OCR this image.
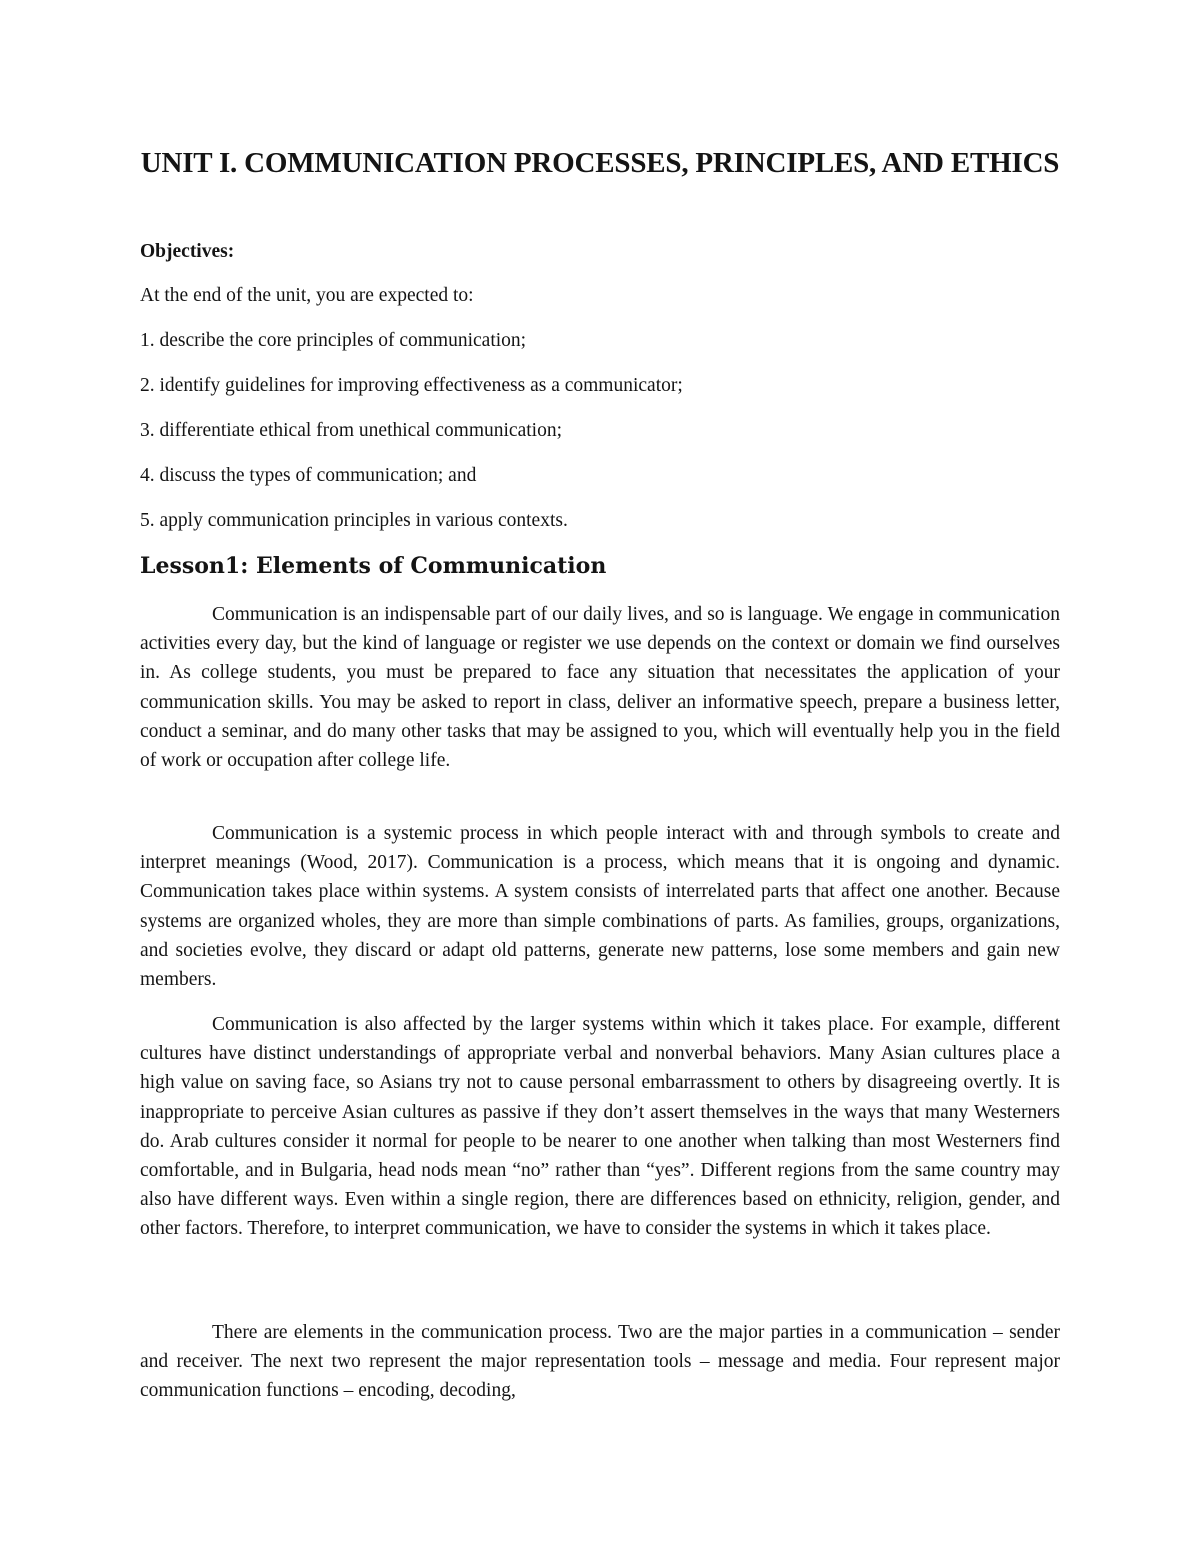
UNIT I. COMMUNICATION PROCESSES, PRINCIPLES, AND ETHICS
Objectives:

At the end of the unit, you are expected to:

1. describe the core principles of communication;
2. identify guidelines for improving effectiveness as a communicator;
3. differentiate ethical from unethical communication;
4. discuss the types of communication; and
5. apply communication principles in various contexts.
Lesson1: Elements of Communication

Communication is an indispensable part of our daily lives, and so is language. We engage in communication activities every day, but the kind of language or register we use depends on the context or domain we find ourselves in. As college students, you must be prepared to face any situation that necessitates the application of your communication skills. You may be asked to report in class, deliver an informative speech, prepare a business letter, conduct a seminar, and do many other tasks that may be assigned to you, which will eventually help you in the field of work or occupation after college life.

Communication is a systemic process in which people interact with and through symbols to create and interpret meanings (Wood, 2017). Communication is a process, which means that it is ongoing and dynamic. Communication takes place within systems. A system consists of interrelated parts that affect one another. Because systems are organized wholes, they are more than simple combinations of parts. As families, groups, organizations, and societies evolve, they discard or adapt old patterns, generate new patterns, lose some members and gain new members.

Communication is also affected by the larger systems within which it takes place. For example, different cultures have distinct understandings of appropriate verbal and nonverbal behaviors. Many Asian cultures place a high value on saving face, so Asians try not to cause personal embarrassment to others by disagreeing overtly. It is inappropriate to perceive Asian cultures as passive if they don’t assert themselves in the ways that many Westerners do. Arab cultures consider it normal for people to be nearer to one another when talking than most Westerners find comfortable, and in Bulgaria, head nods mean “no” rather than “yes”. Different regions from the same country may also have different ways. Even within a single region, there are differences based on ethnicity, religion, gender, and other factors. Therefore, to interpret communication, we have to consider the systems in which it takes place.

There are elements in the communication process. Two are the major parties in a communication – sender and receiver. The next two represent the major representation tools – message and media. Four represent major communication functions – encoding, decoding,
